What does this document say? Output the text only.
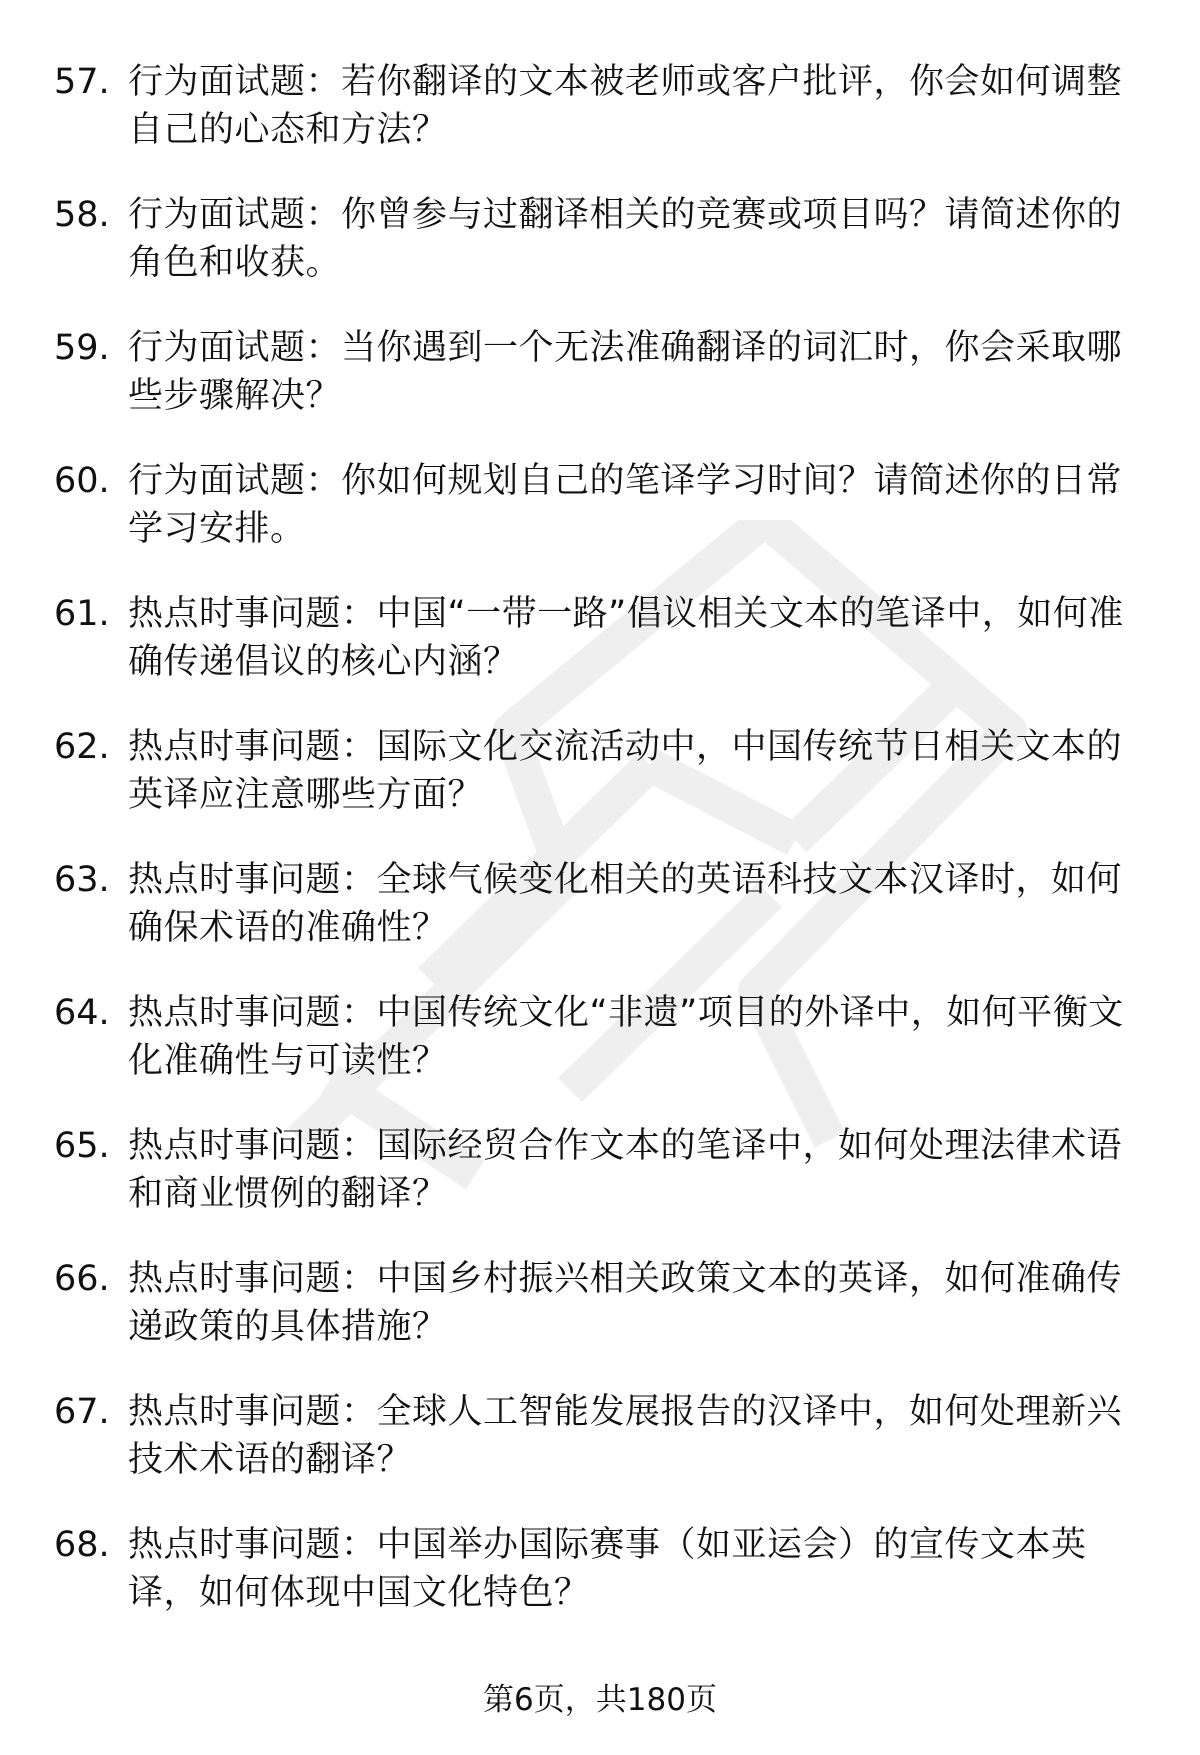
57. 行为面试题：若你翻译的文本被老师或客户批评，你会如何调整自己的心态和方法？
58. 行为面试题：你曾参与过翻译相关的竞赛或项目吗？请简述你的角色和收获。
59. 行为面试题：当你遇到一个无法准确翻译的词汇时，你会采取哪些步骤解决？
60. 行为面试题：你如何规划自己的笔译学习时间？请简述你的日常学习安排。
61. 热点时事问题：中国“一带一路”倡议相关文本的笔译中，如何准确传递倡议的核心内涵？
62. 热点时事问题：国际文化交流活动中，中国传统节日相关文本的英译应注意哪些方面？
63. 热点时事问题：全球气候变化相关的英语科技文本汉译时，如何确保术语的准确性？
64. 热点时事问题：中国传统文化“非遗”项目的外译中，如何平衡文化准确性与可读性？
65. 热点时事问题：国际经贸合作文本的笔译中，如何处理法律术语和商业惯例的翻译？
66. 热点时事问题：中国乡村振兴相关政策文本的英译，如何准确传递政策的具体措施？
67. 热点时事问题：全球人工智能发展报告的汉译中，如何处理新兴技术术语的翻译？
68. 热点时事问题：中国举办国际赛事（如亚运会）的宣传文本英译，如何体现中国文化特色？
第6页，共180页
